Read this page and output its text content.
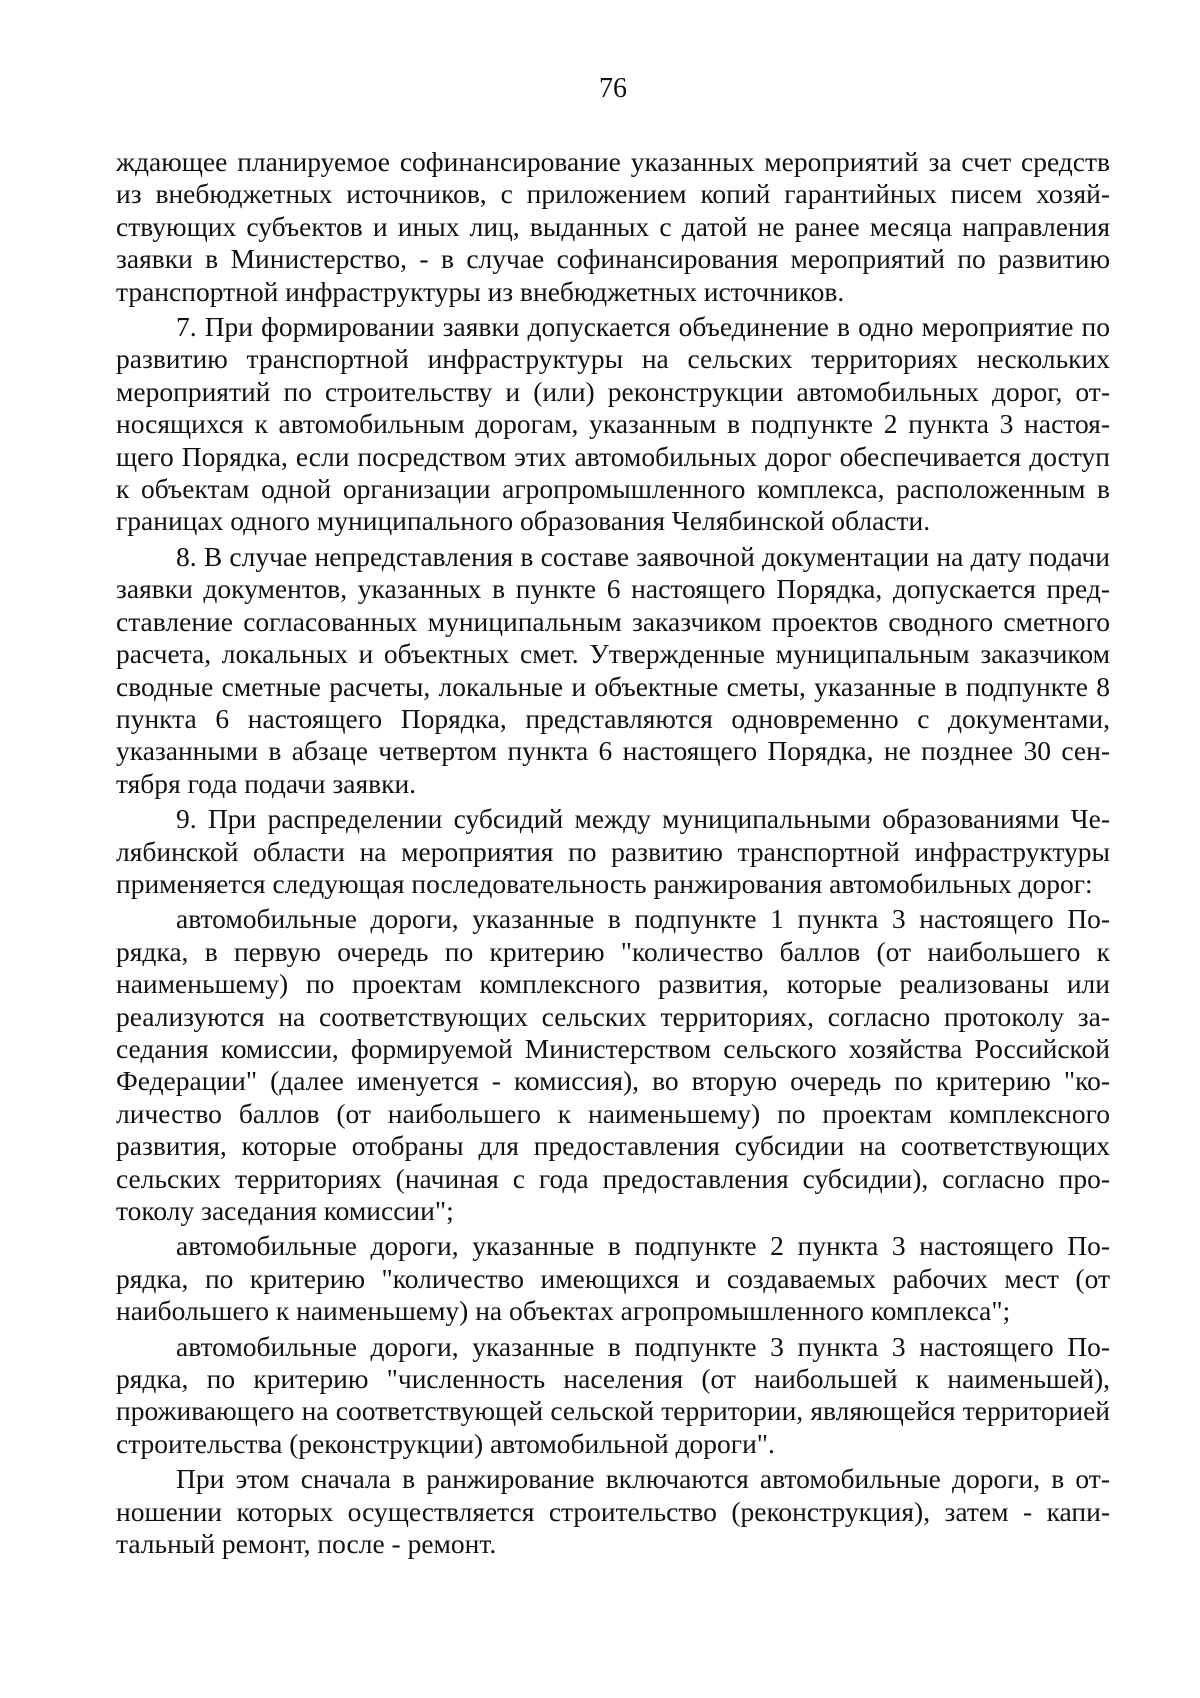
76

ждающее планируемое софинансирование указанных мероприятий за счет средств из внебюджетных источников, с приложением копий гарантийных писем хозяйствующих субъектов и иных лиц, выданных с датой не ранее месяца направления заявки в Министерство, - в случае софинансирования мероприятий по развитию транспортной инфраструктуры из внебюджетных источников.

7. При формировании заявки допускается объединение в одно мероприятие по развитию транспортной инфраструктуры на сельских территориях нескольких мероприятий по строительству и (или) реконструкции автомобильных дорог, относящихся к автомобильным дорогам, указанным в подпункте 2 пункта 3 настоящего Порядка, если посредством этих автомобильных дорог обеспечивается доступ к объектам одной организации агропромышленного комплекса, расположенным в границах одного муниципального образования Челябинской области.

8. В случае непредставления в составе заявочной документации на дату подачи заявки документов, указанных в пункте 6 настоящего Порядка, допускается представление согласованных муниципальным заказчиком проектов сводного сметного расчета, локальных и объектных смет. Утвержденные муниципальным заказчиком сводные сметные расчеты, локальные и объектные сметы, указанные в подпункте 8 пункта 6 настоящего Порядка, представляются одновременно с документами, указанными в абзаце четвертом пункта 6 настоящего Порядка, не позднее 30 сентября года подачи заявки.

9. При распределении субсидий между муниципальными образованиями Челябинской области на мероприятия по развитию транспортной инфраструктуры применяется следующая последовательность ранжирования автомобильных дорог:

автомобильные дороги, указанные в подпункте 1 пункта 3 настоящего Порядка, в первую очередь по критерию "количество баллов (от наибольшего к наименьшему) по проектам комплексного развития, которые реализованы или реализуются на соответствующих сельских территориях, согласно протоколу заседания комиссии, формируемой Министерством сельского хозяйства Российской Федерации" (далее именуется - комиссия), во вторую очередь по критерию "количество баллов (от наибольшего к наименьшему) по проектам комплексного развития, которые отобраны для предоставления субсидии на соответствующих сельских территориях (начиная с года предоставления субсидии), согласно протоколу заседания комиссии";

автомобильные дороги, указанные в подпункте 2 пункта 3 настоящего Порядка, по критерию "количество имеющихся и создаваемых рабочих мест (от наибольшего к наименьшему) на объектах агропромышленного комплекса";

автомобильные дороги, указанные в подпункте 3 пункта 3 настоящего Порядка, по критерию "численность населения (от наибольшей к наименьшей), проживающего на соответствующей сельской территории, являющейся территорией строительства (реконструкции) автомобильной дороги".

При этом сначала в ранжирование включаются автомобильные дороги, в отношении которых осуществляется строительство (реконструкция), затем - капитальный ремонт, после - ремонт.
